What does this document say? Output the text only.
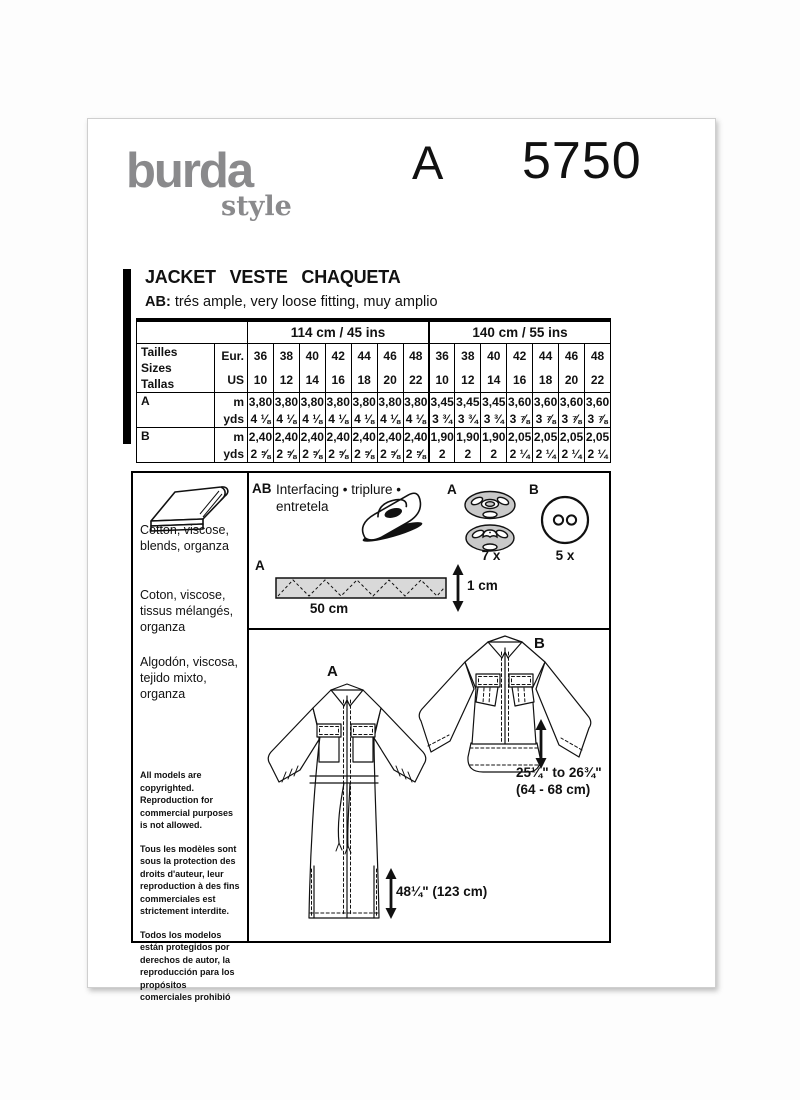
burda
style
A 5750
JACKET VESTE CHAQUETA
AB: trés ample, very loose fitting, muy amplio
		114 cm / 45 ins							140 cm / 55 ins						

Tailles Sizes
Tallas	Eur.	36	38	40	42	44	46	48	36	38	40	42	44	46	48
	US	10	12	14	16	18	20	22	10	12	14	16	18	20	22
A	m	3,80	3,80	3,80	3,80	3,80	3,80	3,80	3,45	3,45	3,45	3,60	3,60	3,60	3,60
	yds	4 ⅛	4 ⅛	4 ⅛	4 ⅛	4 ⅛	4 ⅛	4 ⅛	3 ¾	3 ¾	3 ¾	3 ⅞	3 ⅞	3 ⅞	3 ⅞
B	m	2,40	2,40	2,40	2,40	2,40	2,40	2,40	1,90	1,90	1,90	2,05	2,05	2,05	2,05
	yds	2 ⅝	2 ⅝	2 ⅝	2 ⅝	2 ⅝	2 ⅝	2 ⅝	2	2	2	2 ¼	2 ¼	2 ¼	2 ¼
Cotton, viscose, blends, organza
Coton, viscose, tissus mélangés, organza
Algodón, viscosa, tejido mixto, organza

All models are copyrighted. Reproduction for commercial purposes is not allowed.

Tous les modèles sont sous la protection des droits d'auteur, leur reproduction à des fins commerciales est strictement interdite.

Todos los modelos están protegidos por derechos de autor, la reproducción para los propósitos comerciales prohibió

AB Interfacing • triplure •
entretela
A
7 x
B
5 x
A
50 cm
1 cm
A
B
25¼" to 26¾"
(64 - 68 cm)
48¼" (123 cm)
